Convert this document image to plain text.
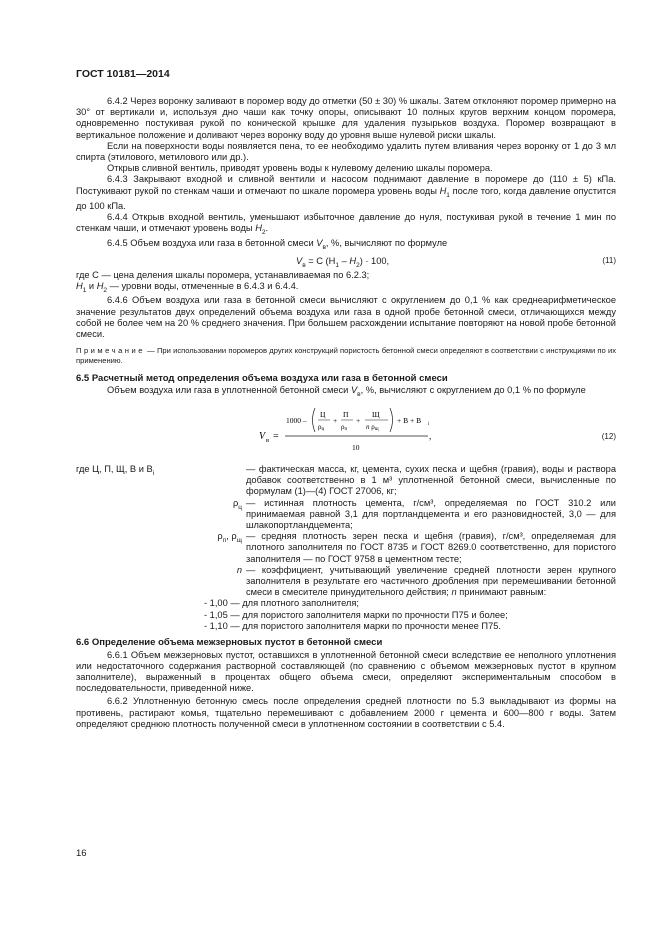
ГОСТ 10181—2014

6.4.2 Через воронку заливают в поромер воду до отметки (50 ± 30) % шкалы. Затем отклоняют поромер примерно на 30° от вертикали и, используя дно чаши как точку опоры, описывают 10 полных кругов верхним концом поромера, одновременно постукивая рукой по конической крышке для удаления пузырьков воздуха. Поромер возвращают в вертикальное положение и доливают через воронку воду до уровня выше нулевой риски шкалы.

Если на поверхности воды появляется пена, то ее необходимо удалить путем вливания через воронку от 1 до 3 мл спирта (этилового, метилового или др.).

Открыв сливной вентиль, приводят уровень воды к нулевому делению шкалы поромера.

6.4.3 Закрывают входной и сливной вентили и насосом поднимают давление в поромере до (110 ± 5) кПа. Постукивают рукой по стенкам чаши и отмечают по шкале поромера уровень воды $H_1$ после того, когда давление опустится до 100 кПа.

6.4.4 Открыв входной вентиль, уменьшают избыточное давление до нуля, постукивая рукой в течение 1 мин по стенкам чаши, и отмечают уровень воды $H_2$.

6.4.5 Объем воздуха или газа в бетонной смеси $V_в$, %, вычисляют по формуле

$V_в = С$ $(H_1 - H_2) \cdot 100$,	(11)

где С — цена деления шкалы поромера, устанавливаемая по 6.2.3;

$H_1$ и $H_2$ — уровни воды, отмеченные в 6.4.3 и 6.4.4.

6.4.6 Объем воздуха или газа в бетонной смеси вычисляют с округлением до 0,1 % как среднеарифметическое значение результатов двух определений объема воздуха или газа в одной пробе бетонной смеси, отличающихся между собой не более чем на 20 % среднего значения. При большем расхождении испытание повторяют на новой пробе бетонной смеси.

Примечание — При использовании поромеров других конструкций пористость бетонной смеси определяют в соответствии с инструкциями по их применению.

6.5 Расчетный метод определения объема воздуха или газа в бетонной смеси

Объем воздуха или газа в уплотненной бетонной смеси $V_в$, %, вычисляют с округлением до 0,1 % по формуле

V в =
1000 –
Ц
ρц
+
П
ρп
+
Щ
n ρщ
+ В + В i
10
,	(12)
где Ц, П, Щ, В и $В_i$	— фактическая масса, кг, цемента, сухих песка и щебня (гравия), воды и раствора добавок соответственно в 1 м³ уплотненной бетонной смеси, вычисленные по формулам (1)—(4) ГОСТ 27006, кг;
$\rho_ц$ — истинная плотность цемента, г/см³, определяемая по ГОСТ 310.2 или принимаемая равной 3,1 для портландцемента и его разновидностей, 3,0 — для шлакопортландцемента;
$\rho_п$, $\rho_щ$ — средняя плотность зерен песка и щебня (гравия), г/см³, определяемая для плотного заполнителя по ГОСТ 8735 и ГОСТ 8269.0 соответственно, для пористого заполнителя — по ГОСТ 9758 в цементном тесте;
n — коэффициент, учитывающий увеличение средней плотности зерен крупного заполнителя в результате его частичного дробления при перемешивании бетонной смеси в смесителе принудительного действия; n принимают равным:

- 1,00 — для плотного заполнителя;

- 1,05 — для пористого заполнителя марки по прочности П75 и более;

- 1,10 — для пористого заполнителя марки по прочности менее П75.

6.6 Определение объема межзерновых пустот в бетонной смеси

6.6.1 Объем межзерновых пустот, оставшихся в уплотненной бетонной смеси вследствие ее неполного уплотнения или недостаточного содержания растворной составляющей (по сравнению с объемом межзерновых пустот в крупном заполнителе), выраженный в процентах общего объема смеси, определяют экспериментальным способом в последовательности, приведенной ниже.

6.6.2 Уплотненную бетонную смесь после определения средней плотности по 5.3 выкладывают из формы на противень, растирают комья, тщательно перемешивают с добавлением 2000 г цемента и 600—800 г воды. Затем определяют среднюю плотность полученной смеси в уплотненном состоянии в соответствии с 5.4.

16
